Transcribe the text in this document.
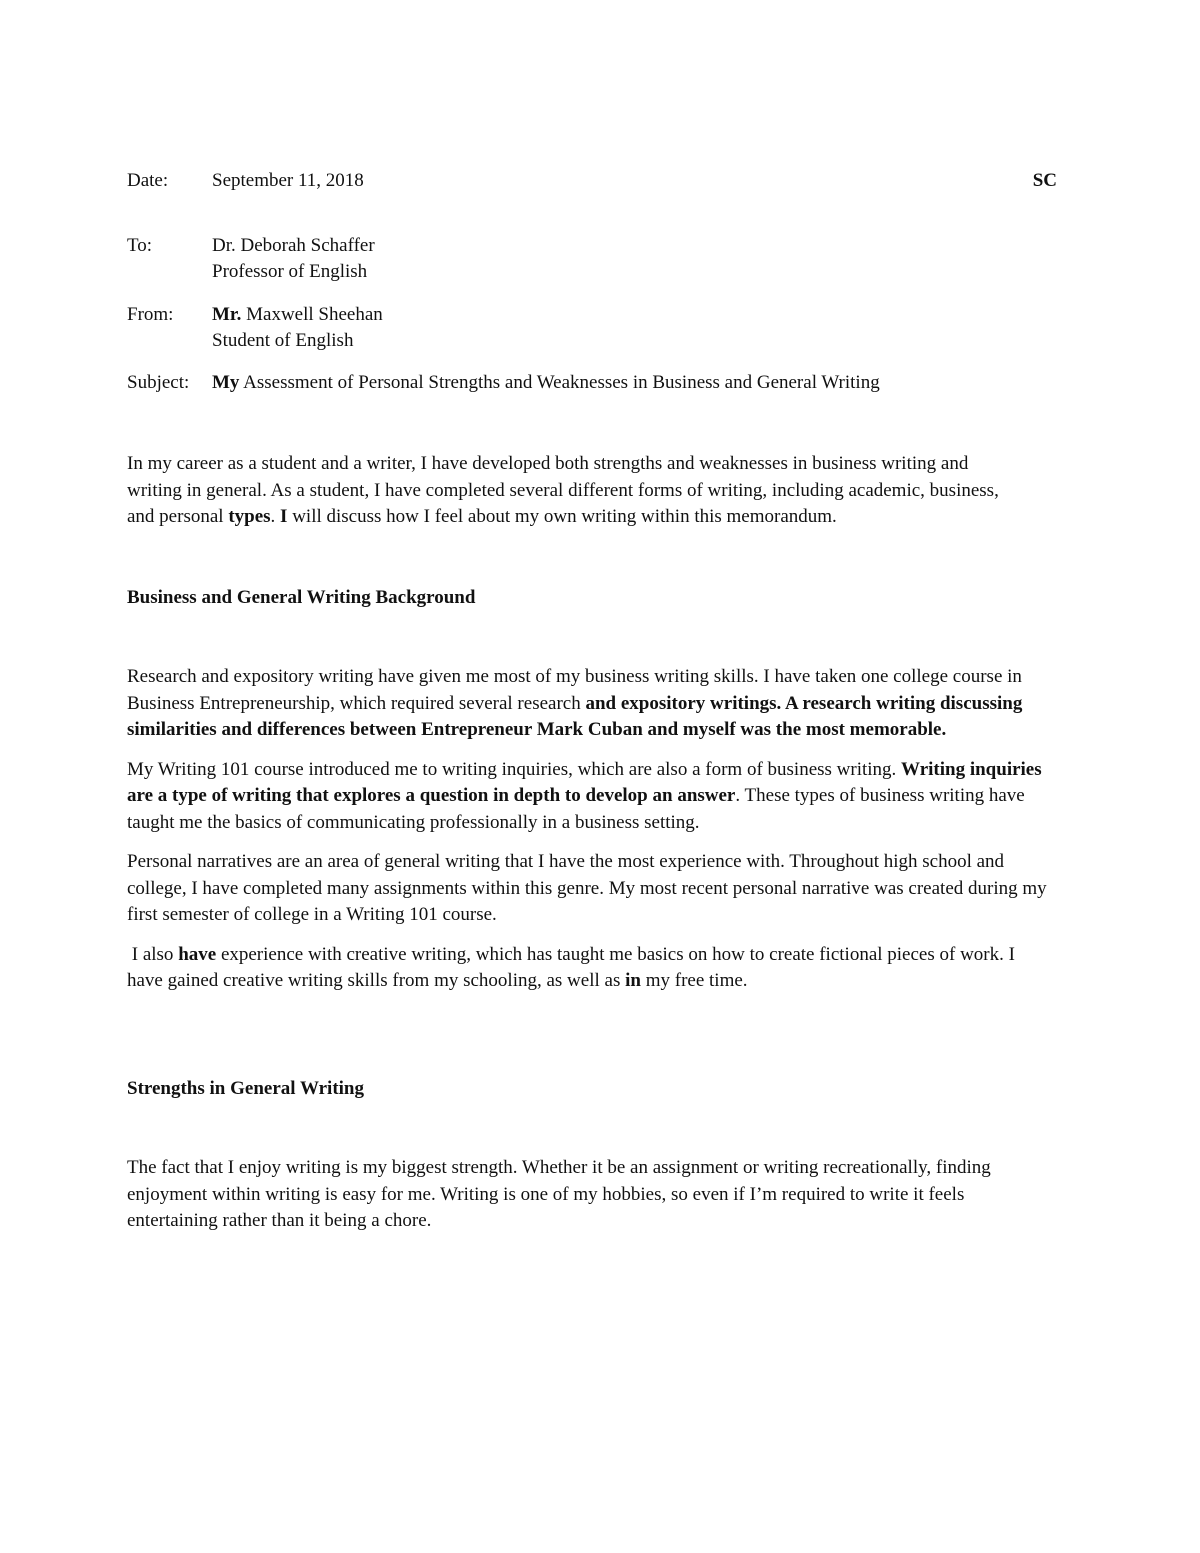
Date:	September 11, 2018	SC
To:	Dr. Deborah Schaffer
Professor of English
From:	Mr. Maxwell Sheehan
Student of English
Subject:	My Assessment of Personal Strengths and Weaknesses in Business and General Writing

In my career as a student and a writer, I have developed both strengths and weaknesses in business writing and writing in general. As a student, I have completed several different forms of writing, including academic, business, and personal types. I will discuss how I feel about my own writing within this memorandum.

Business and General Writing Background

Research and expository writing have given me most of my business writing skills. I have taken one college course in Business Entrepreneurship, which required several research and expository writings. A research writing discussing similarities and differences between Entrepreneur Mark Cuban and myself was the most memorable.

My Writing 101 course introduced me to writing inquiries, which are also a form of business writing. Writing inquiries are a type of writing that explores a question in depth to develop an answer. These types of business writing have taught me the basics of communicating professionally in a business setting.

Personal narratives are an area of general writing that I have the most experience with. Throughout high school and college, I have completed many assignments within this genre. My most recent personal narrative was created during my first semester of college in a Writing 101 course.

I also have experience with creative writing, which has taught me basics on how to create fictional pieces of work. I have gained creative writing skills from my schooling, as well as in my free time.

Strengths in General Writing

The fact that I enjoy writing is my biggest strength. Whether it be an assignment or writing recreationally, finding enjoyment within writing is easy for me. Writing is one of my hobbies, so even if I’m required to write it feels entertaining rather than it being a chore.
